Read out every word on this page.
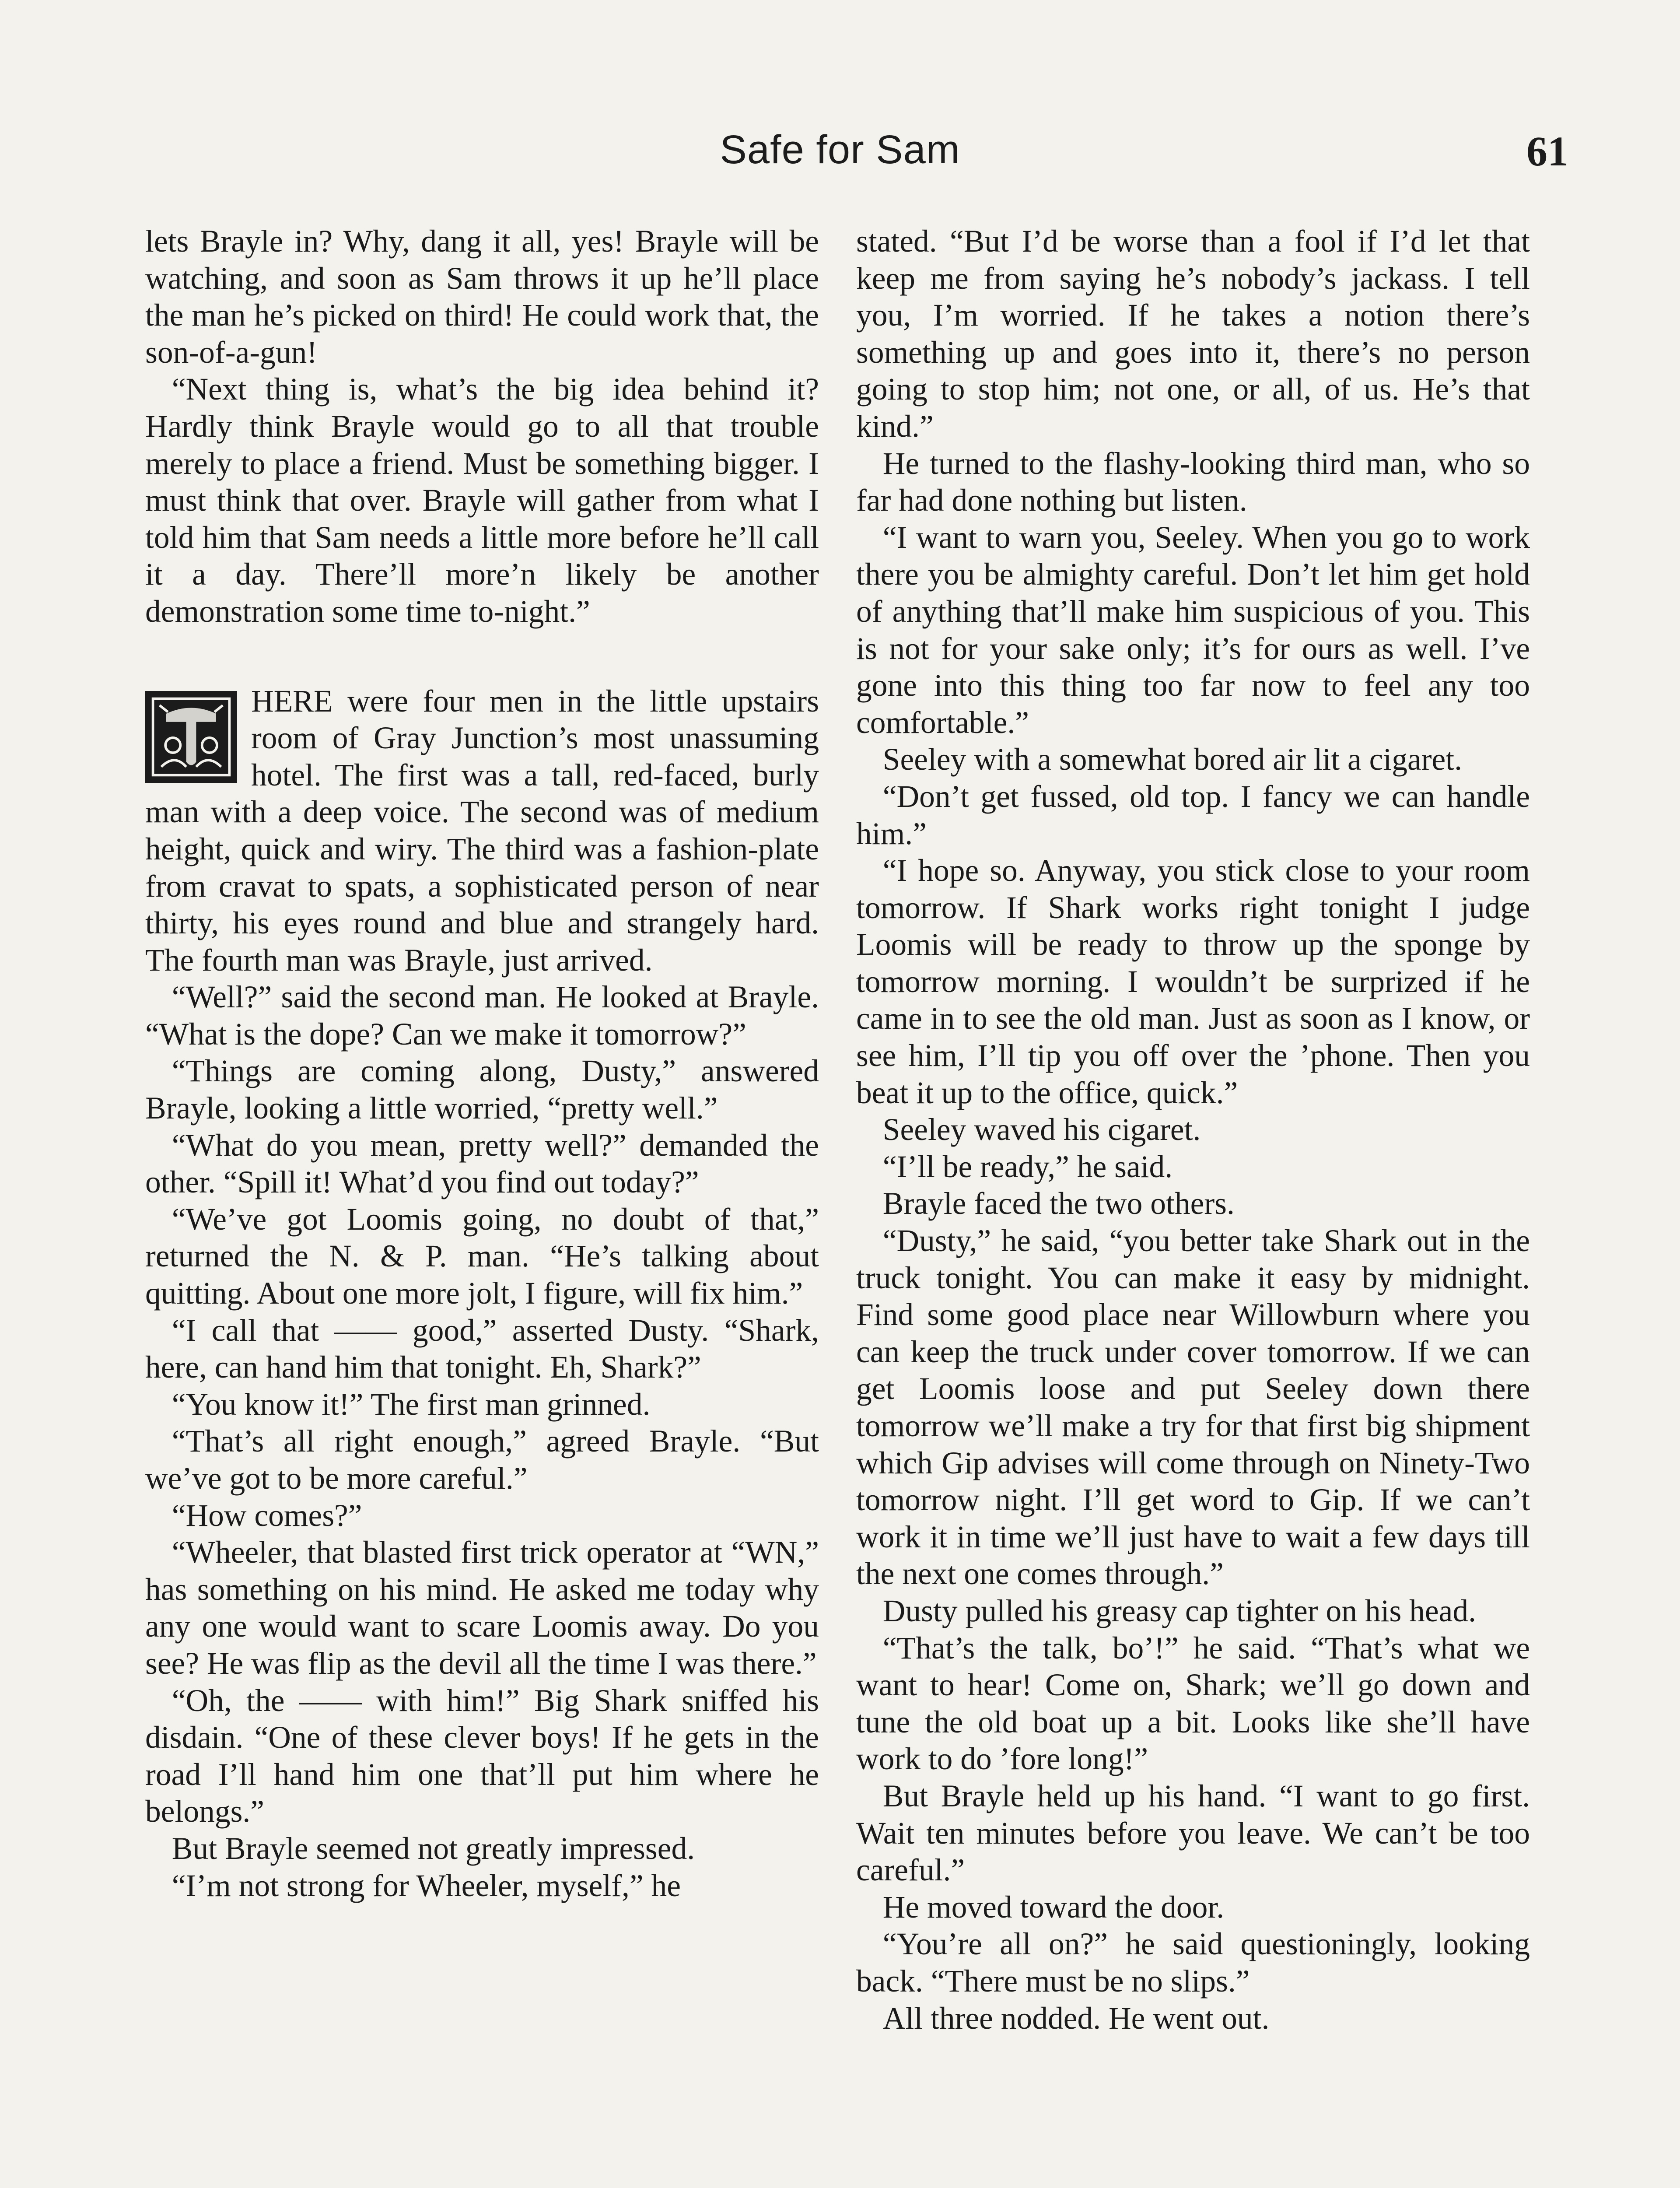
Safe for Sam	61

lets Brayle in? Why, dang it all, yes! Brayle will be watching, and soon as Sam throws it up he’ll place the man he’s picked on third! He could work that, the son-of-a-gun!

“Next thing is, what’s the big idea behind it? Hardly think Brayle would go to all that trouble merely to place a friend. Must be something bigger. I must think that over. Brayle will gather from what I told him that Sam needs a little more before he’ll call it a day. There’ll more’n likely be another demonstration some time to-night.”

HERE were four men in the little upstairs room of Gray Junction’s most unassuming hotel. The first was a tall, red-faced, burly man with a deep voice. The second was of medium height, quick and wiry. The third was a fashion-plate from cravat to spats, a sophisticated person of near thirty, his eyes round and blue and strangely hard. The fourth man was Brayle, just arrived.

“Well?” said the second man. He looked at Brayle. “What is the dope? Can we make it tomorrow?”

“Things are coming along, Dusty,” answered Brayle, looking a little worried, “pretty well.”

“What do you mean, pretty well?” demanded the other. “Spill it! What’d you find out today?”

“We’ve got Loomis going, no doubt of that,” returned the N. & P. man. “He’s talking about quitting. About one more jolt, I figure, will fix him.”

“I call that —— good,” asserted Dusty. “Shark, here, can hand him that tonight. Eh, Shark?”

“You know it!” The first man grinned.

“That’s all right enough,” agreed Brayle. “But we’ve got to be more careful.”

“How comes?”

“Wheeler, that blasted first trick operator at “WN,” has something on his mind. He asked me today why any one would want to scare Loomis away. Do you see? He was flip as the devil all the time I was there.”

“Oh, the —— with him!” Big Shark sniffed his disdain. “One of these clever boys! If he gets in the road I’ll hand him one that’ll put him where he belongs.”

But Brayle seemed not greatly impressed.

“I’m not strong for Wheeler, myself,” he

stated. “But I’d be worse than a fool if I’d let that keep me from saying he’s nobody’s jackass. I tell you, I’m worried. If he takes a notion there’s something up and goes into it, there’s no person going to stop him; not one, or all, of us. He’s that kind.”

He turned to the flashy-looking third man, who so far had done nothing but listen.

“I want to warn you, Seeley. When you go to work there you be almighty careful. Don’t let him get hold of anything that’ll make him suspicious of you. This is not for your sake only; it’s for ours as well. I’ve gone into this thing too far now to feel any too comfortable.”

Seeley with a somewhat bored air lit a cigaret.

“Don’t get fussed, old top. I fancy we can handle him.”

“I hope so. Anyway, you stick close to your room tomorrow. If Shark works right tonight I judge Loomis will be ready to throw up the sponge by tomorrow morning. I wouldn’t be surprized if he came in to see the old man. Just as soon as I know, or see him, I’ll tip you off over the ’phone. Then you beat it up to the office, quick.”

Seeley waved his cigaret.

“I’ll be ready,” he said.

Brayle faced the two others.

“Dusty,” he said, “you better take Shark out in the truck tonight. You can make it easy by midnight. Find some good place near Willowburn where you can keep the truck under cover tomorrow. If we can get Loomis loose and put Seeley down there tomorrow we’ll make a try for that first big shipment which Gip advises will come through on Ninety-Two tomorrow night. I’ll get word to Gip. If we can’t work it in time we’ll just have to wait a few days till the next one comes through.”

Dusty pulled his greasy cap tighter on his head.

“That’s the talk, bo’!” he said. “That’s what we want to hear! Come on, Shark; we’ll go down and tune the old boat up a bit. Looks like she’ll have work to do ’fore long!”

But Brayle held up his hand. “I want to go first. Wait ten minutes before you leave. We can’t be too careful.”

He moved toward the door.

“You’re all on?” he said questioningly, looking back. “There must be no slips.”

All three nodded. He went out.
